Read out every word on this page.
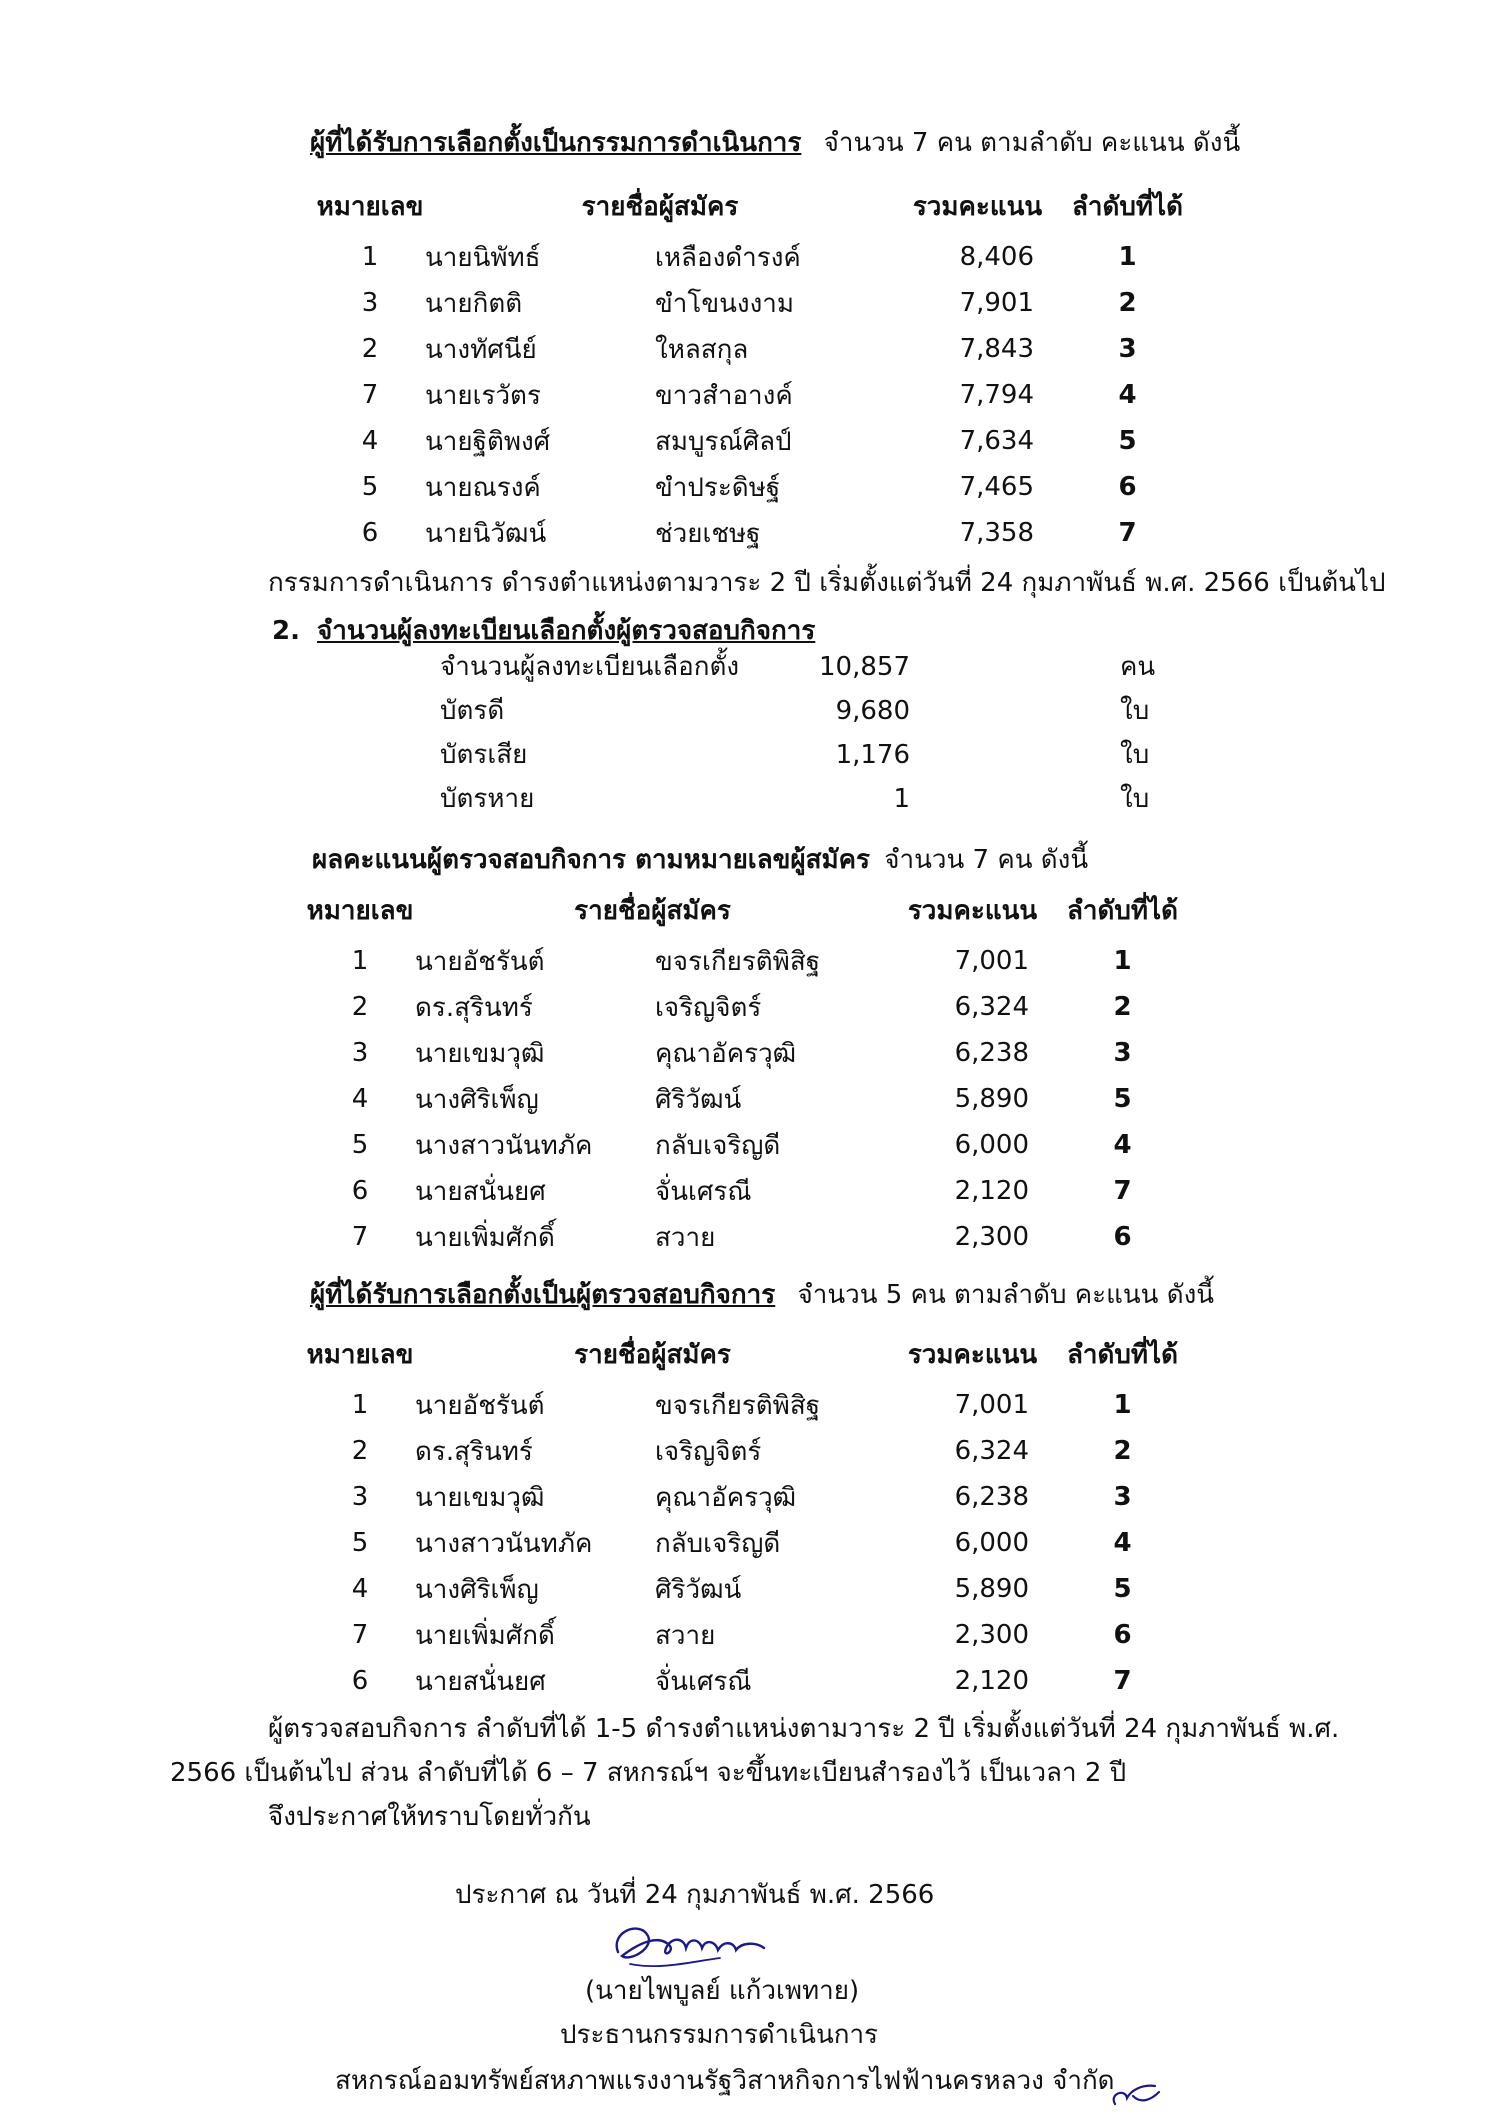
ผู้ที่ได้รับการเลือกตั้งเป็นกรรมการดำเนินการ จำนวน 7 คน ตามลำดับ คะแนน ดังนี้
หมายเลข	รายชื่อผู้สมัคร		รวมคะแนน	ลำดับที่ได้
1	นายนิพัทธ์	เหลืองดำรงค์	8,406	1
3	นายกิตติ	ขำโขนงงาม	7,901	2
2	นางทัศนีย์	ใหลสกุล	7,843	3
7	นายเรวัตร	ขาวสำอางค์	7,794	4
4	นายฐิติพงศ์	สมบูรณ์ศิลป์	7,634	5
5	นายณรงค์	ขำประดิษฐ์	7,465	6
6	นายนิวัฒน์	ช่วยเชษฐ	7,358	7
กรรมการดำเนินการ ดำรงตำแหน่งตามวาระ 2 ปี เริ่มตั้งแต่วันที่ 24 กุมภาพันธ์ พ.ศ. 2566 เป็นต้นไป
2. จำนวนผู้ลงทะเบียนเลือกตั้งผู้ตรวจสอบกิจการ
จำนวนผู้ลงทะเบียนเลือกตั้ง	10,857	คน
บัตรดี	9,680	ใบ
บัตรเสีย	1,176	ใบ
บัตรหาย	1	ใบ
ผลคะแนนผู้ตรวจสอบกิจการ ตามหมายเลขผู้สมัคร จำนวน 7 คน ดังนี้
หมายเลข	รายชื่อผู้สมัคร		รวมคะแนน	ลำดับที่ได้
1	นายอัชรันต์	ขจรเกียรติพิสิฐ	7,001	1
2	ดร.สุรินทร์	เจริญจิตร์	6,324	2
3	นายเขมวุฒิ	คุณาอัครวุฒิ	6,238	3
4	นางศิริเพ็ญ	ศิริวัฒน์	5,890	5
5	นางสาวนันทภัค	กลับเจริญดี	6,000	4
6	นายสนั่นยศ	จั่นเศรณี	2,120	7
7	นายเพิ่มศักดิ์	สวาย	2,300	6
ผู้ที่ได้รับการเลือกตั้งเป็นผู้ตรวจสอบกิจการ จำนวน 5 คน ตามลำดับ คะแนน ดังนี้
หมายเลข	รายชื่อผู้สมัคร		รวมคะแนน	ลำดับที่ได้
1	นายอัชรันต์	ขจรเกียรติพิสิฐ	7,001	1
2	ดร.สุรินทร์	เจริญจิตร์	6,324	2
3	นายเขมวุฒิ	คุณาอัครวุฒิ	6,238	3
5	นางสาวนันทภัค	กลับเจริญดี	6,000	4
4	นางศิริเพ็ญ	ศิริวัฒน์	5,890	5
7	นายเพิ่มศักดิ์	สวาย	2,300	6
6	นายสนั่นยศ	จั่นเศรณี	2,120	7
ผู้ตรวจสอบกิจการ ลำดับที่ได้ 1-5 ดำรงตำแหน่งตามวาระ 2 ปี เริ่มตั้งแต่วันที่ 24 กุมภาพันธ์ พ.ศ.
2566 เป็นต้นไป ส่วน ลำดับที่ได้ 6 – 7 สหกรณ์ฯ จะขึ้นทะเบียนสำรองไว้ เป็นเวลา 2 ปี
จึงประกาศให้ทราบโดยทั่วกัน
ประกาศ ณ วันที่ 24 กุมภาพันธ์ พ.ศ. 2566
(นายไพบูลย์ แก้วเพทาย)
ประธานกรรมการดำเนินการ
สหกรณ์ออมทรัพย์สหภาพแรงงานรัฐวิสาหกิจการไฟฟ้านครหลวง จำกัด
